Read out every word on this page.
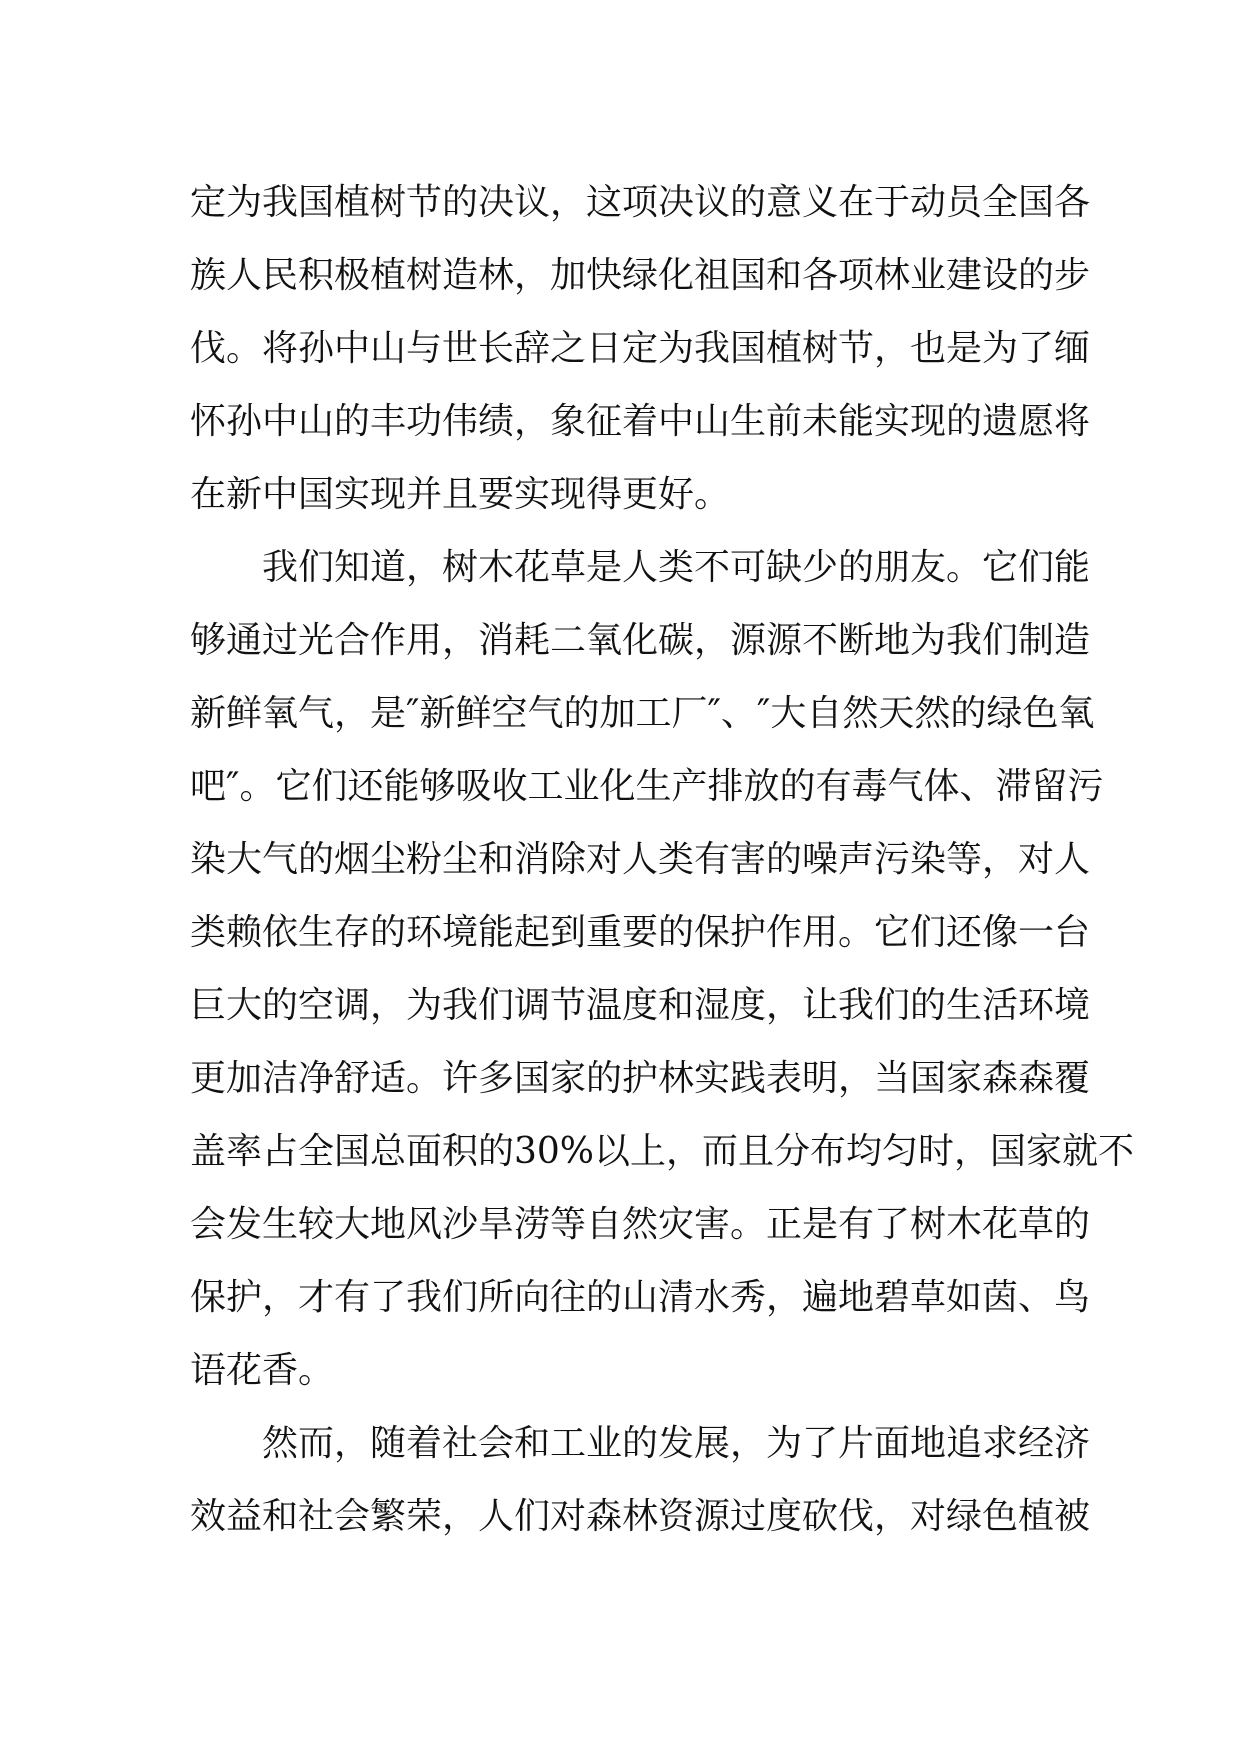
定为我国植树节的决议，这项决议的意义在于动员全国各
族人民积极植树造林，加快绿化祖国和各项林业建设的步
伐。将孙中山与世长辞之日定为我国植树节，也是为了缅
怀孙中山的丰功伟绩，象征着中山生前未能实现的遗愿将
在新中国实现并且要实现得更好。
我们知道，树木花草是人类不可缺少的朋友。它们能
够通过光合作用，消耗二氧化碳，源源不断地为我们制造
新鲜氧气，是″新鲜空气的加工厂″、″大自然天然的绿色氧
吧″。它们还能够吸收工业化生产排放的有毒气体、滞留污
染大气的烟尘粉尘和消除对人类有害的噪声污染等，对人
类赖依生存的环境能起到重要的保护作用。它们还像一台
巨大的空调，为我们调节温度和湿度，让我们的生活环境
更加洁净舒适。许多国家的护林实践表明，当国家森森覆
盖率占全国总面积的30%以上，而且分布均匀时，国家就不
会发生较大地风沙旱涝等自然灾害。正是有了树木花草的
保护，才有了我们所向往的山清水秀，遍地碧草如茵、鸟
语花香。
然而，随着社会和工业的发展，为了片面地追求经济
效益和社会繁荣，人们对森林资源过度砍伐，对绿色植被
